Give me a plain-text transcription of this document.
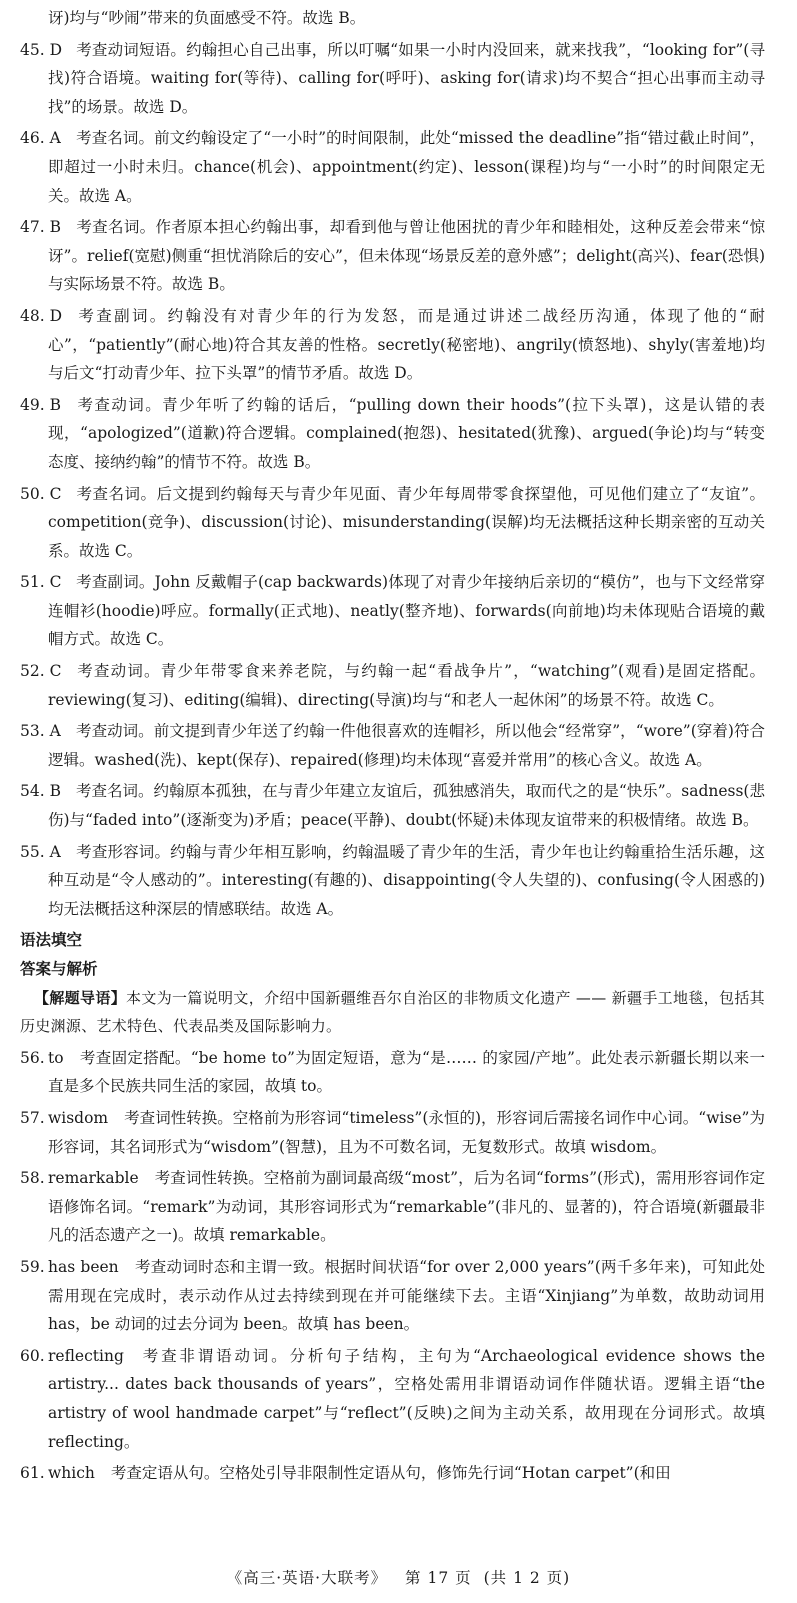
讶)均与“吵闹”带来的负面感受不符。故选 B。

45. D 考查动词短语。约翰担心自己出事，所以叮嘱“如果一小时内没回来，就来找我”，“looking for”(寻找)符合语境。waiting for(等待)、calling for(呼吁)、asking for(请求)均不契合“担心出事而主动寻找”的场景。故选 D。
46. A 考查名词。前文约翰设定了“一小时”的时间限制，此处“missed the deadline”指“错过截止时间”，即超过一小时未归。chance(机会)、appointment(约定)、lesson(课程)均与“一小时”的时间限定无关。故选 A。
47. B 考查名词。作者原本担心约翰出事，却看到他与曾让他困扰的青少年和睦相处，这种反差会带来“惊讶”。relief(宽慰)侧重“担忧消除后的安心”，但未体现“场景反差的意外感”；delight(高兴)、fear(恐惧)与实际场景不符。故选 B。
48. D 考查副词。约翰没有对青少年的行为发怒，而是通过讲述二战经历沟通，体现了他的“耐心”，“patiently”(耐心地)符合其友善的性格。secretly(秘密地)、angrily(愤怒地)、shyly(害羞地)均与后文“打动青少年、拉下头罩”的情节矛盾。故选 D。
49. B 考查动词。青少年听了约翰的话后，“pulling down their hoods”(拉下头罩)，这是认错的表现，“apologized”(道歉)符合逻辑。complained(抱怨)、hesitated(犹豫)、argued(争论)均与“转变态度、接纳约翰”的情节不符。故选 B。
50. C 考查名词。后文提到约翰每天与青少年见面、青少年每周带零食探望他，可见他们建立了“友谊”。competition(竞争)、discussion(讨论)、misunderstanding(误解)均无法概括这种长期亲密的互动关系。故选 C。
51. C 考查副词。John 反戴帽子(cap backwards)体现了对青少年接纳后亲切的“模仿”，也与下文经常穿连帽衫(hoodie)呼应。formally(正式地)、neatly(整齐地)、forwards(向前地)均未体现贴合语境的戴帽方式。故选 C。
52. C 考查动词。青少年带零食来养老院，与约翰一起“看战争片”，“watching”(观看)是固定搭配。reviewing(复习)、editing(编辑)、directing(导演)均与“和老人一起休闲”的场景不符。故选 C。
53. A 考查动词。前文提到青少年送了约翰一件他很喜欢的连帽衫，所以他会“经常穿”，“wore”(穿着)符合逻辑。washed(洗)、kept(保存)、repaired(修理)均未体现“喜爱并常用”的核心含义。故选 A。
54. B 考查名词。约翰原本孤独，在与青少年建立友谊后，孤独感消失，取而代之的是“快乐”。sadness(悲伤)与“faded into”(逐渐变为)矛盾；peace(平静)、doubt(怀疑)未体现友谊带来的积极情绪。故选 B。
55. A 考查形容词。约翰与青少年相互影响，约翰温暖了青少年的生活，青少年也让约翰重拾生活乐趣，这种互动是“令人感动的”。interesting(有趣的)、disappointing(令人失望的)、confusing(令人困惑的)均无法概括这种深层的情感联结。故选 A。

语法填空

答案与解析

【解题导语】本文为一篇说明文，介绍中国新疆维吾尔自治区的非物质文化遗产 —— 新疆手工地毯，包括其历史渊源、艺术特色、代表品类及国际影响力。

56. to 考查固定搭配。“be home to”为固定短语，意为“是…… 的家园/产地”。此处表示新疆长期以来一直是多个民族共同生活的家园，故填 to。
57. wisdom 考查词性转换。空格前为形容词“timeless”(永恒的)，形容词后需接名词作中心词。“wise”为形容词，其名词形式为“wisdom”(智慧)，且为不可数名词，无复数形式。故填 wisdom。
58. remarkable 考查词性转换。空格前为副词最高级“most”，后为名词“forms”(形式)，需用形容词作定语修饰名词。“remark”为动词，其形容词形式为“remarkable”(非凡的、显著的)，符合语境(新疆最非凡的活态遗产之一)。故填 remarkable。
59. has been 考查动词时态和主谓一致。根据时间状语“for over 2,000 years”(两千多年来)，可知此处需用现在完成时，表示动作从过去持续到现在并可能继续下去。主语“Xinjiang”为单数，故助动词用 has，be 动词的过去分词为 been。故填 has been。
60. reflecting 考查非谓语动词。分析句子结构，主句为“Archaeological evidence shows the artistry... dates back thousands of years”，空格处需用非谓语动词作伴随状语。逻辑主语“the artistry of wool handmade carpet”与“reflect”(反映)之间为主动关系，故用现在分词形式。故填 reflecting。
61. which 考查定语从句。空格处引导非限制性定语从句，修饰先行词“Hotan carpet”(和田
《高三·英语·大联考》 第 17 页 (共 1 2 页)
